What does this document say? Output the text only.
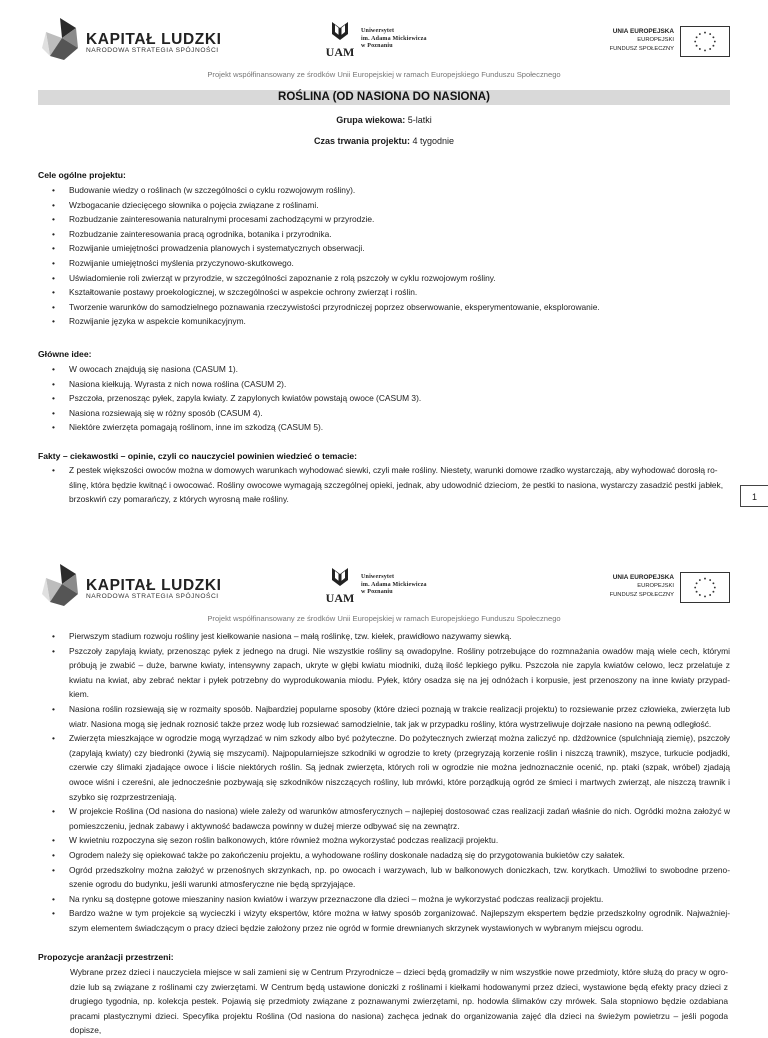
KAPITAŁ LUDZKI
NARODOWA STRATEGIA SPÓJNOŚCI	UAM
Uniwersytet
im. Adama Mickiewicza
w Poznaniu
UNIA EUROPEJSKA
EUROPEJSKI
FUNDUSZ SPOŁECZNY
Projekt współfinansowany ze środków Unii Europejskiej w ramach Europejskiego Funduszu Społecznego
ROŚLINA (OD NASIONA DO NASIONA)
Grupa wiekowa: 5-latki
Czas trwania projektu: 4 tygodnie
Cele ogólne projektu:
• Budowanie wiedzy o roślinach (w szczególności o cyklu rozwojowym rośliny).
• Wzbogacanie dziecięcego słownika o pojęcia związane z roślinami.
• Rozbudzanie zainteresowania naturalnymi procesami zachodzącymi w przyrodzie.
• Rozbudzanie zainteresowania pracą ogrodnika, botanika i przyrodnika.
• Rozwijanie umiejętności prowadzenia planowych i systematycznych obserwacji.
• Rozwijanie umiejętności myślenia przyczynowo-skutkowego.
• Uświadomienie roli zwierząt w przyrodzie, w szczególności zapoznanie z rolą pszczoły w cyklu rozwojowym rośliny.
• Kształtowanie postawy proekologicznej, w szczególności w aspekcie ochrony zwierząt i roślin.
• Tworzenie warunków do samodzielnego poznawania rzeczywistości przyrodniczej poprzez obserwowanie, eksperymentowanie, eksplorowanie.
• Rozwijanie języka w aspekcie komunikacyjnym.
Główne idee:
• W owocach znajdują się nasiona (CASUM 1).
• Nasiona kiełkują. Wyrasta z nich nowa roślina (CASUM 2).
• Pszczoła, przenosząc pyłek, zapyla kwiaty. Z zapylonych kwiatów powstają owoce (CASUM 3).
• Nasiona rozsiewają się w różny sposób (CASUM 4).
• Niektóre zwierzęta pomagają roślinom, inne im szkodzą (CASUM 5).
Fakty – ciekawostki – opinie, czyli co nauczyciel powinien wiedzieć o temacie:
• Z pestek większości owoców można w domowych warunkach wyhodować siewki, czyli małe rośliny. Niestety, warunki domowe rzadko wystarczają, aby wyhodować dorosłą ro-
ślinę, która będzie kwitnąć i owocować. Rośliny owocowe wymagają szczególnej opieki, jednak, aby udowodnić dzieciom, że pestki to nasiona, wystarczy zasadzić pestki jabłek,
brzoskwiń czy pomarańczy, z których wyrosną małe rośliny.	1
KAPITAŁ LUDZKI
NARODOWA STRATEGIA SPÓJNOŚCI	UAM
Uniwersytet
im. Adama Mickiewicza
w Poznaniu
UNIA EUROPEJSKA
EUROPEJSKI
FUNDUSZ SPOŁECZNY
Projekt współfinansowany ze środków Unii Europejskiej w ramach Europejskiego Funduszu Społecznego
• Pierwszym stadium rozwoju rośliny jest kiełkowanie nasiona – małą roślinkę, tzw. kiełek, prawidłowo nazywamy siewką.
• Pszczoły zapylają kwiaty, przenosząc pyłek z jednego na drugi. Nie wszystkie rośliny są owadopylne. Rośliny potrzebujące do rozmnażania owadów mają wiele cech, którymi próbują je zwabić – duże, barwne kwiaty, intensywny zapach, ukryte w głębi kwiatu miodniki, dużą ilość lepkiego pyłku. Pszczoła nie zapyla kwiatów celowo, lecz przelatuje z kwiatu na kwiat, aby zebrać nektar i pyłek potrzebny do wyprodukowania miodu. Pyłek, który osadza się na jej odnóżach i korpusie, jest przenoszony na inne kwiaty przypad-kiem.
• Nasiona roślin rozsiewają się w rozmaity sposób. Najbardziej popularne sposoby (które dzieci poznają w trakcie realizacji projektu) to rozsiewanie przez człowieka, zwierzęta lub wiatr. Nasiona mogą się jednak roznosić także przez wodę lub rozsiewać samodzielnie, tak jak w przypadku rośliny, która wystrzeliwuje dojrzałe nasiono na pewną odległość.
• Zwierzęta mieszkające w ogrodzie mogą wyrządzać w nim szkody albo być pożyteczne. Do pożytecznych zwierząt można zaliczyć np. dżdżownice (spulchniają ziemię), pszczoły (zapylają kwiaty) czy biedronki (żywią się mszycami). Najpopularniejsze szkodniki w ogrodzie to krety (przegryzają korzenie roślin i niszczą trawnik), mszyce, turkucie podjadki, czerwie czy ślimaki zjadające owoce i liście niektórych roślin. Są jednak zwierzęta, których roli w ogrodzie nie można jednoznacznie ocenić, np. ptaki (szpak, wróbel) zjadają owoce wiśni i czereśni, ale jednocześnie pozbywają się szkodników niszczących rośliny, lub mrówki, które porządkują ogród ze śmieci i martwych zwierząt, ale niszczą trawnik i szybko się rozprzestrzeniają.
• W projekcie Roślina (Od nasiona do nasiona) wiele zależy od warunków atmosferycznych – najlepiej dostosować czas realizacji zadań właśnie do nich. Ogródki można założyć w pomieszczeniu, jednak zabawy i aktywność badawcza powinny w dużej mierze odbywać się na zewnątrz.
• W kwietniu rozpoczyna się sezon roślin balkonowych, które również można wykorzystać podczas realizacji projektu.
• Ogrodem należy się opiekować także po zakończeniu projektu, a wyhodowane rośliny doskonale nadadzą się do przygotowania bukietów czy sałatek.
• Ogród przedszkolny można założyć w przenośnych skrzynkach, np. po owocach i warzywach, lub w balkonowych doniczkach, tzw. korytkach. Umożliwi to swobodne przeno-szenie ogrodu do budynku, jeśli warunki atmosferyczne nie będą sprzyjające.
• Na rynku są dostępne gotowe mieszaniny nasion kwiatów i warzyw przeznaczone dla dzieci – można je wykorzystać podczas realizacji projektu.
• Bardzo ważne w tym projekcie są wycieczki i wizyty ekspertów, które można w łatwy sposób zorganizować. Najlepszym ekspertem będzie przedszkolny ogrodnik. Najważniej-szym elementem świadczącym o pracy dzieci będzie założony przez nie ogród w formie drewnianych skrzynek wystawionych w wybranym miejscu ogrodu.
Propozycje aranżacji przestrzeni:
Wybrane przez dzieci i nauczyciela miejsce w sali zamieni się w Centrum Przyrodnicze – dzieci będą gromadziły w nim wszystkie nowe przedmioty, które służą do pracy w ogro-dzie lub są związane z roślinami czy zwierzętami. W Centrum będą ustawione doniczki z roślinami i kiełkami hodowanymi przez dzieci, wystawione będą efekty pracy dzieci z drugiego tygodnia, np. kolekcja pestek. Pojawią się przedmioty związane z poznawanymi zwierzętami, np. hodowla ślimaków czy mrówek. Sala stopniowo będzie ozdabiana pracami plastycznymi dzieci. Specyfika projektu Roślina (Od nasiona do nasiona) zachęca jednak do organizowania zajęć dla dzieci na świeżym powietrzu – jeśli pogoda dopisze,
